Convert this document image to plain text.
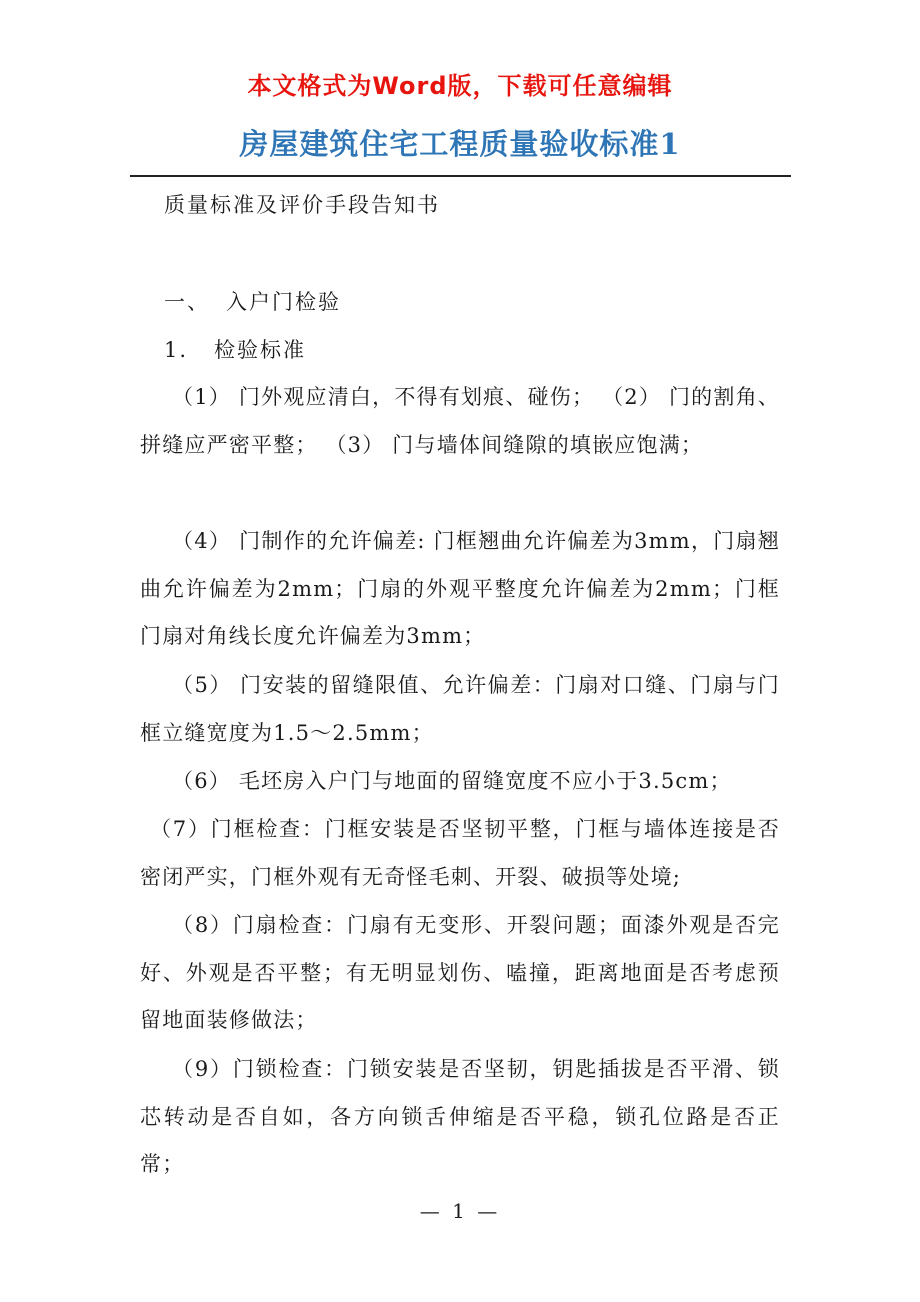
本文格式为Word版，下载可任意编辑
房屋建筑住宅工程质量验收标准1
质量标准及评价手段告知书
一、 入户门检验
1. 检验标准

（1） 门外观应清白，不得有划痕、碰伤； （2） 门的割角、拼缝应严密平整； （3） 门与墙体间缝隙的填嵌应饱满；

（4） 门制作的允许偏差: 门框翘曲允许偏差为3mm，门扇翘曲允许偏差为2mm；门扇的外观平整度允许偏差为2mm；门框门扇对角线长度允许偏差为3mm；

（5） 门安装的留缝限值、允许偏差：门扇对口缝、门扇与门框立缝宽度为1.5～2.5mm；

（6） 毛坯房入户门与地面的留缝宽度不应小于3.5cm；

（7）门框检查：门框安装是否坚韧平整，门框与墙体连接是否密闭严实，门框外观有无奇怪毛刺、开裂、破损等处境;

（8）门扇检查：门扇有无变形、开裂问题；面漆外观是否完好、外观是否平整；有无明显划伤、嗑撞，距离地面是否考虑预留地面装修做法；

（9）门锁检查：门锁安装是否坚韧，钥匙插拔是否平滑、锁芯转动是否自如，各方向锁舌伸缩是否平稳，锁孔位路是否正常；

— 1 —
